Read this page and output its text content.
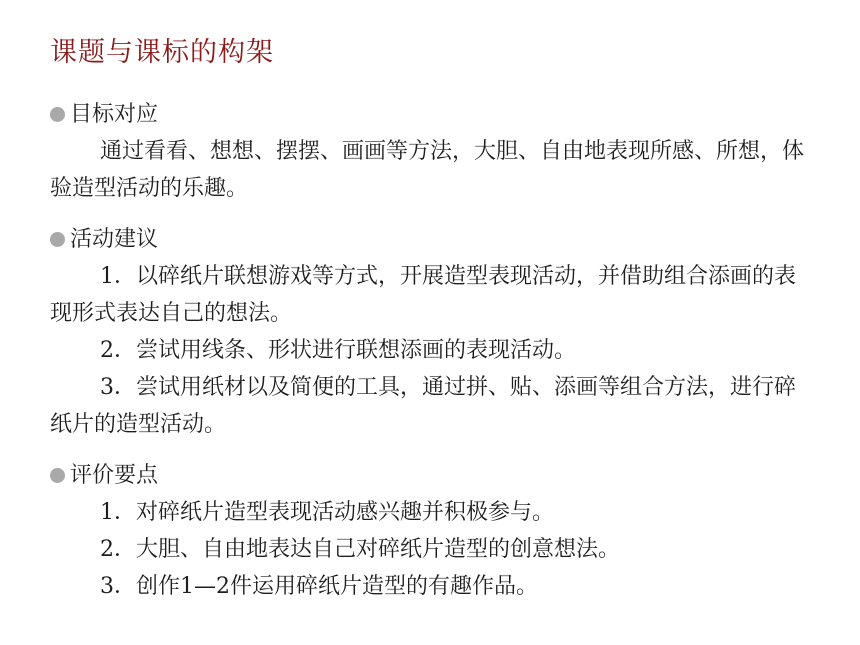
课题与课标的构架
目标对应

通过看看、想想、摆摆、画画等方法，大胆、自由地表现所感、所想，体验造型活动的乐趣。

活动建议

1．以碎纸片联想游戏等方式，开展造型表现活动，并借助组合添画的表现形式表达自己的想法。

2．尝试用线条、形状进行联想添画的表现活动。

3．尝试用纸材以及简便的工具，通过拼、贴、添画等组合方法，进行碎纸片的造型活动。

评价要点

1．对碎纸片造型表现活动感兴趣并积极参与。

2．大胆、自由地表达自己对碎纸片造型的创意想法。

3．创作1—2件运用碎纸片造型的有趣作品。
